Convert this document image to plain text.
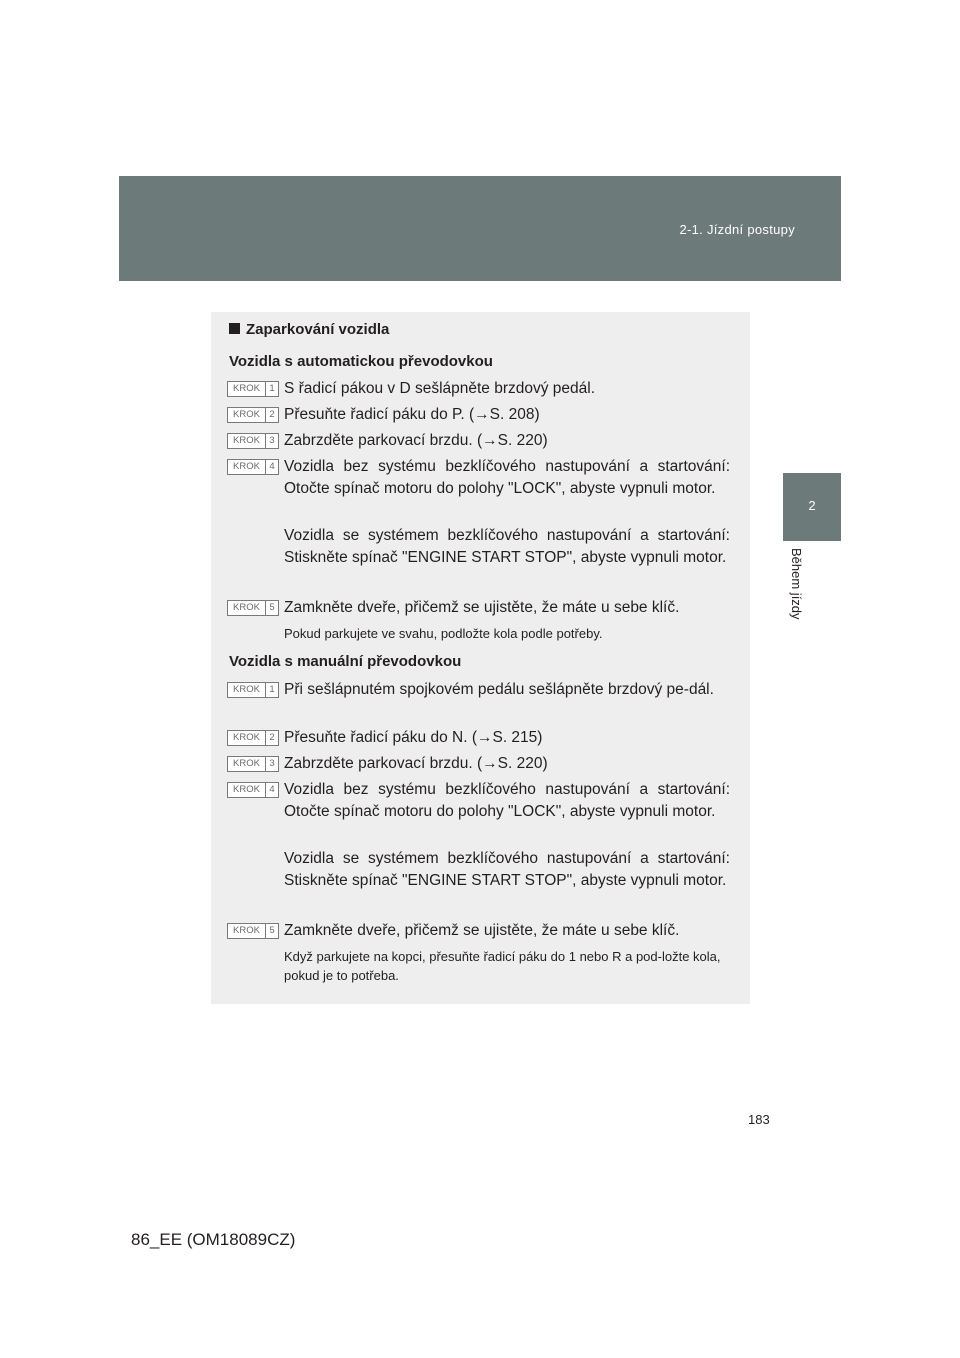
2-1. Jízdní postupy
2
Během jízdy
Zaparkování vozidla
Vozidla s automatickou převodovkou
KROK 1 S řadicí pákou v D sešlápněte brzdový pedál.
KROK 2 Přesuňte řadicí páku do P. (→S. 208)
KROK 3 Zabrzděte parkovací brzdu. (→S. 220)
KROK 4 Vozidla bez systému bezklíčového nastupování a startování: Otočte spínač motoru do polohy "LOCK", abyste vypnuli motor.
Vozidla se systémem bezklíčového nastupování a startování: Stiskněte spínač "ENGINE START STOP", abyste vypnuli motor.
KROK 5 Zamkněte dveře, přičemž se ujistěte, že máte u sebe klíč.
Pokud parkujete ve svahu, podložte kola podle potřeby.
Vozidla s manuální převodovkou
KROK 1 Při sešlápnutém spojkovém pedálu sešlápněte brzdový pe-dál.
KROK 2 Přesuňte řadicí páku do N. (→S. 215)
KROK 3 Zabrzděte parkovací brzdu. (→S. 220)
KROK 4 Vozidla bez systému bezklíčového nastupování a startování: Otočte spínač motoru do polohy "LOCK", abyste vypnuli motor.
Vozidla se systémem bezklíčového nastupování a startování: Stiskněte spínač "ENGINE START STOP", abyste vypnuli motor.
KROK 5 Zamkněte dveře, přičemž se ujistěte, že máte u sebe klíč.
Když parkujete na kopci, přesuňte řadicí páku do 1 nebo R a pod-ložte kola, pokud je to potřeba.
183
86_EE (OM18089CZ)
